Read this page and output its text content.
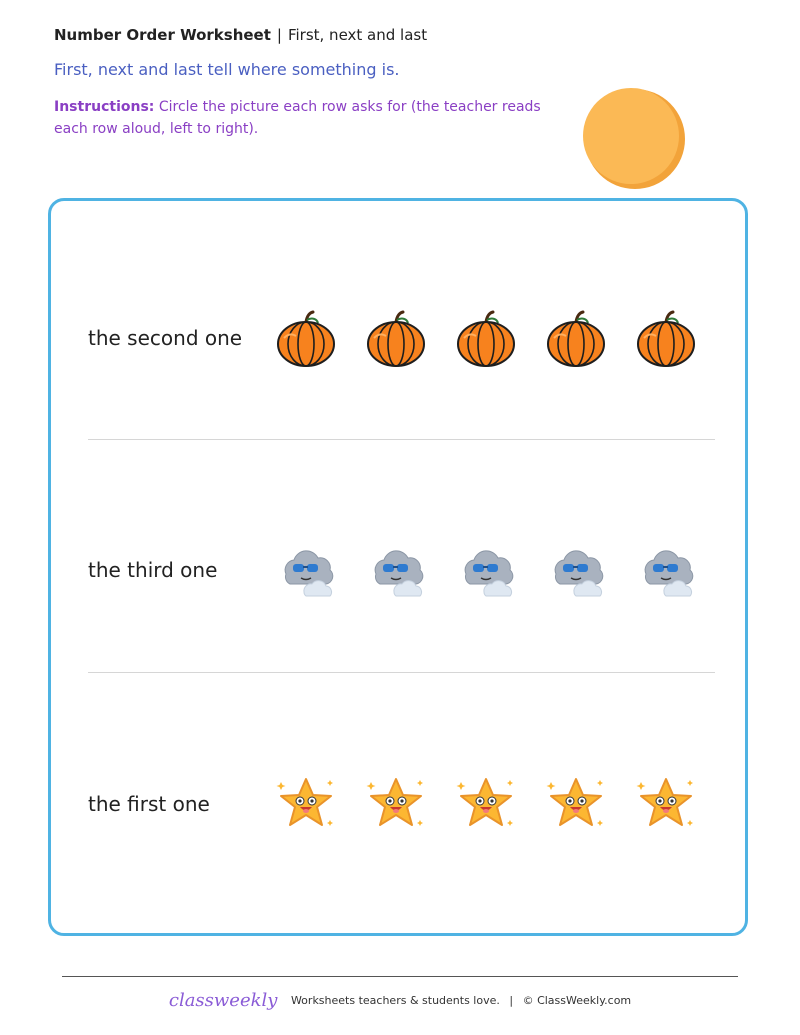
Number Order Worksheet | First, next and last
First, next and last tell where something is.
Instructions: Circle the picture each row asks for (the teacher reads each row aloud, left to right).
the second one
the third one
the first one
classweekly Worksheets teachers & students love. | © ClassWeekly.com
